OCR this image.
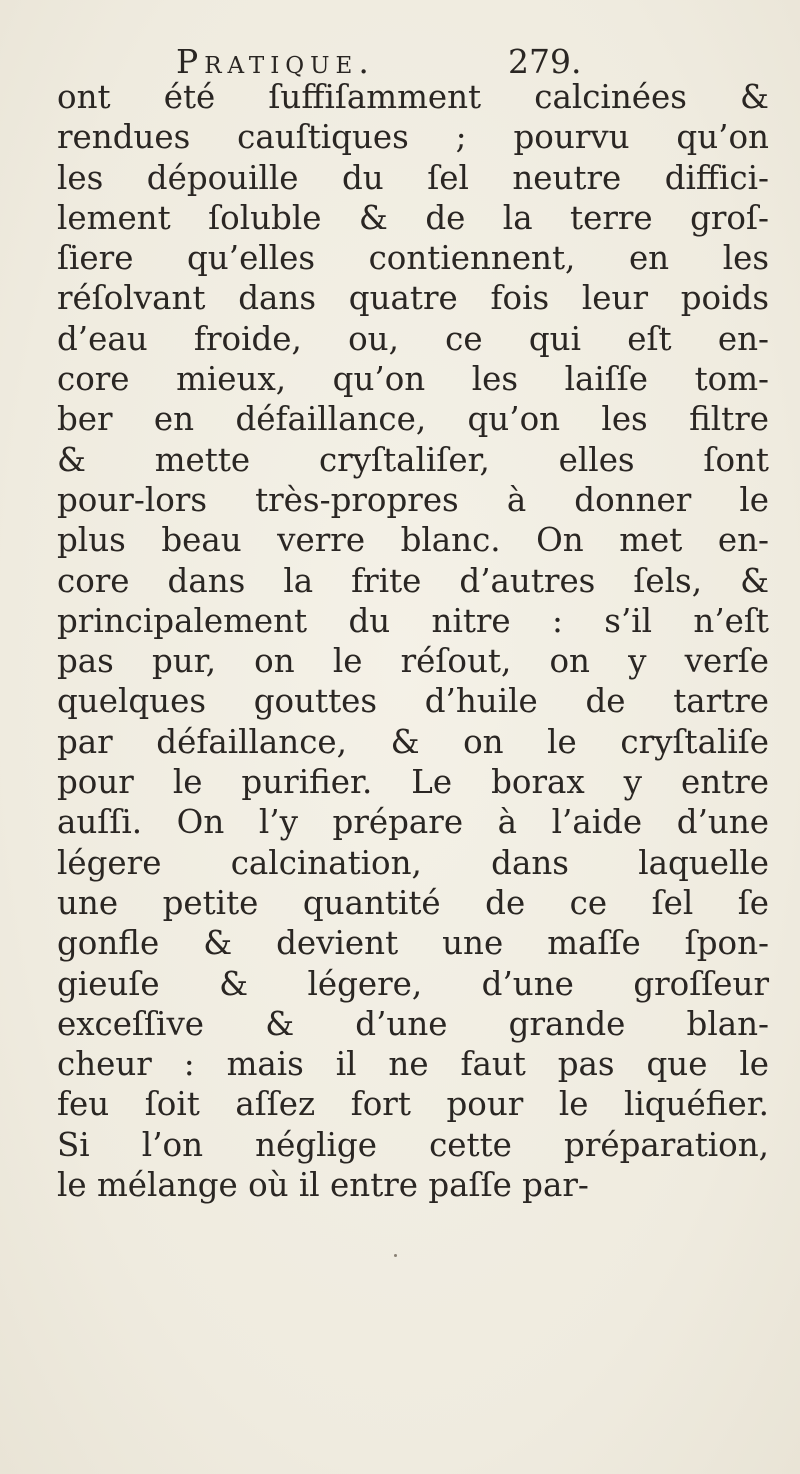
Pratique.	279.
ont été ſuffiſamment calcinées &
rendues cauſtiques ; pourvu qu’on
les dépouille du ſel neutre diffici-
lement ſoluble & de la terre groſ-
ſiere qu’elles contiennent, en les
réſolvant dans quatre fois leur poids
d’eau froide, ou, ce qui eſt en-
core mieux, qu’on les laiſſe tom-
ber en défaillance, qu’on les filtre
& mette cryſtaliſer, elles ſont
pour-lors très-propres à donner le
plus beau verre blanc. On met en-
core dans la frite d’autres ſels, &
principalement du nitre : s’il n’eſt
pas pur, on le réſout, on y verſe
quelques gouttes d’huile de tartre
par défaillance, & on le cryſtaliſe
pour le purifier. Le borax y entre
auſſi. On l’y prépare à l’aide d’une
légere calcination, dans laquelle
une petite quantité de ce ſel ſe
gonfle & devient une maſſe ſpon-
gieuſe & légere, d’une groſſeur
exceſſive & d’une grande blan-
cheur : mais il ne faut pas que le
feu ſoit aſſez fort pour le liquéfier.
Si l’on néglige cette préparation,
le mélange où il entre paſſe par-
